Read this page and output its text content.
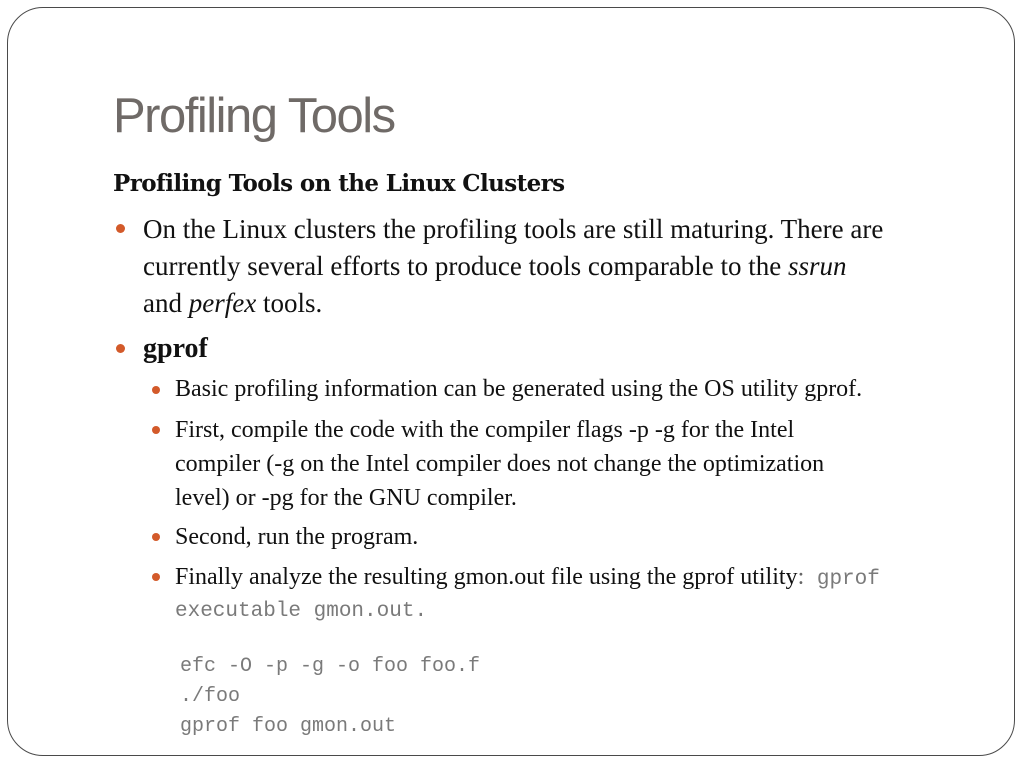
Profiling Tools
Profiling Tools on the Linux Clusters
On the Linux clusters the profiling tools are still maturing. There are
currently several efforts to produce tools comparable to the ssrun
and perfex tools.
gprof
Basic profiling information can be generated using the OS utility gprof.
First, compile the code with the compiler flags -p -g for the Intel
compiler (-g on the Intel compiler does not change the optimization
level) or -pg for the GNU compiler.
Second, run the program.
Finally analyze the resulting gmon.out file using the gprof utility: gprof
executable gmon.out.
efc -O -p -g -o foo foo.f
./foo
gprof foo gmon.out
